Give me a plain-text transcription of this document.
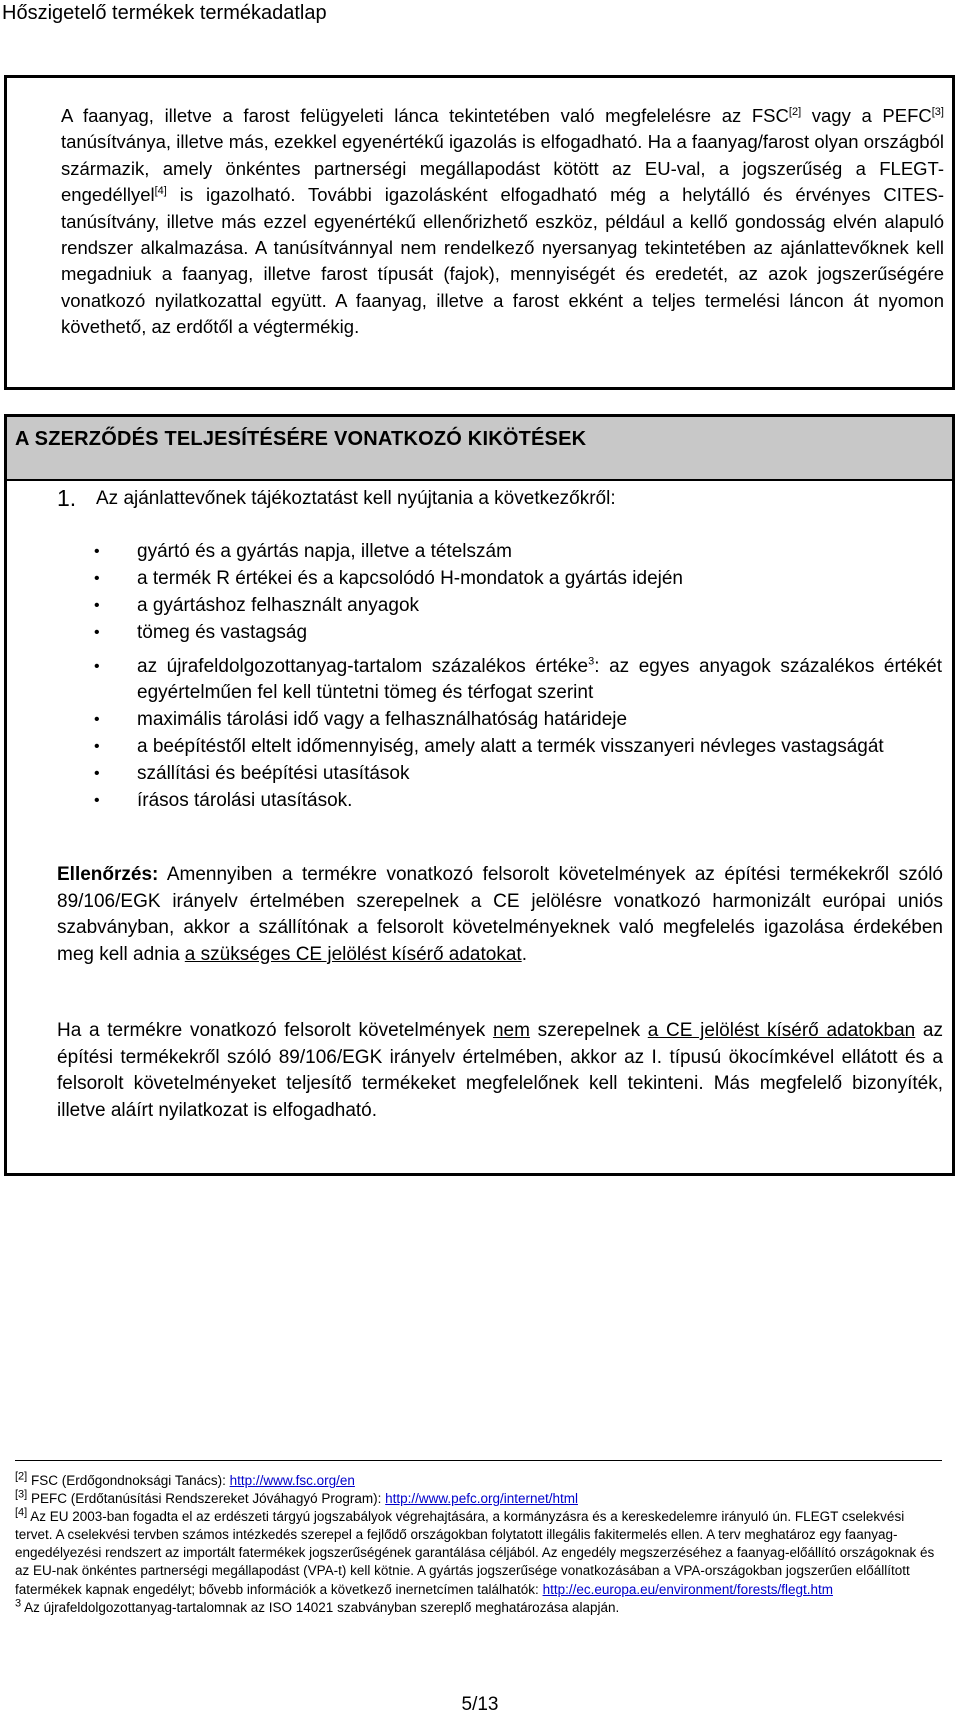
Hőszigetelő termékek termékadatlap

A faanyag, illetve a farost felügyeleti lánca tekintetében való megfelelésre az FSC[2] vagy a PEFC[3] tanúsítványa, illetve más, ezekkel egyenértékű igazolás is elfogadható. Ha a faanyag/farost olyan országból származik, amely önkéntes partnerségi megállapodást kötött az EU-val, a jogszerűség a FLEGT-engedéllyel[4] is igazolható. További igazolásként elfogadható még a helytálló és érvényes CITES-tanúsítvány, illetve más ezzel egyenértékű ellenőrizhető eszköz, például a kellő gondosság elvén alapuló rendszer alkalmazása. A tanúsítvánnyal nem rendelkező nyersanyag tekintetében az ajánlattevőknek kell megadniuk a faanyag, illetve farost típusát (fajok), mennyiségét és eredetét, az azok jogszerűségére vonatkozó nyilatkozattal együtt. A faanyag, illetve a farost ekként a teljes termelési láncon át nyomon követhető, az erdőtől a végtermékig.

A SZERZŐDÉS TELJESÍTÉSÉRE VONATKOZÓ KIKÖTÉSEK
1. Az ajánlattevőnek tájékoztatást kell nyújtania a következőkről:
•	gyártó és a gyártás napja, illetve a tételszám
•	a termék R értékei és a kapcsolódó H-mondatok a gyártás idején
•	a gyártáshoz felhasznált anyagok
•	tömeg és vastagság
•	az újrafeldolgozottanyag-tartalom százalékos értéke$^3$: az egyes anyagok százalékos értékét egyértelműen fel kell tüntetni tömeg és térfogat szerint
•	maximális tárolási idő vagy a felhasználhatóság határideje
•	a beépítéstől eltelt időmennyiség, amely alatt a termék visszanyeri névleges vastagságát
•	szállítási és beépítési utasítások
•	írásos tárolási utasítások.

Ellenőrzés: Amennyiben a termékre vonatkozó felsorolt követelmények az építési termékekről szóló 89/106/EGK irányelv értelmében szerepelnek a CE jelölésre vonatkozó harmonizált európai uniós szabványban, akkor a szállítónak a felsorolt követelményeknek való megfelelés igazolása érdekében meg kell adnia a szükséges CE jelölést kísérő adatokat.

Ha a termékre vonatkozó felsorolt követelmények nem szerepelnek a CE jelölést kísérő adatokban az építési termékekről szóló 89/106/EGK irányelv értelmében, akkor az I. típusú ökocímkével ellátott és a felsorolt követelményeket teljesítő termékeket megfelelőnek kell tekinteni. Más megfelelő bizonyíték, illetve aláírt nyilatkozat is elfogadható.

[2] FSC (Erdőgondnoksági Tanács): http://www.fsc.org/en

[3] PEFC (Erdőtanúsítási Rendszereket Jóváhagyó Program): http://www.pefc.org/internet/html

[4] Az EU 2003-ban fogadta el az erdészeti tárgyú jogszabályok végrehajtására, a kormányzásra és a kereskedelemre irányuló ún. FLEGT cselekvési tervet. A cselekvési tervben számos intézkedés szerepel a fejlődő országokban folytatott illegális fakitermelés ellen. A terv meghatároz egy faanyag-engedélyezési rendszert az importált fatermékek jogszerűségének garantálása céljából. Az engedély megszerzéséhez a faanyag-előállító országoknak és az EU-nak önkéntes partnerségi megállapodást (VPA-t) kell kötnie. A gyártás jogszerűsége vonatkozásában a VPA-országokban jogszerűen előállított fatermékek kapnak engedélyt; bővebb információk a következő inernetcímen találhatók: http://ec.europa.eu/environment/forests/flegt.htm

$^3$ Az újrafeldolgozottanyag-tartalomnak az ISO 14021 szabványban szereplő meghatározása alapján.

5/13
